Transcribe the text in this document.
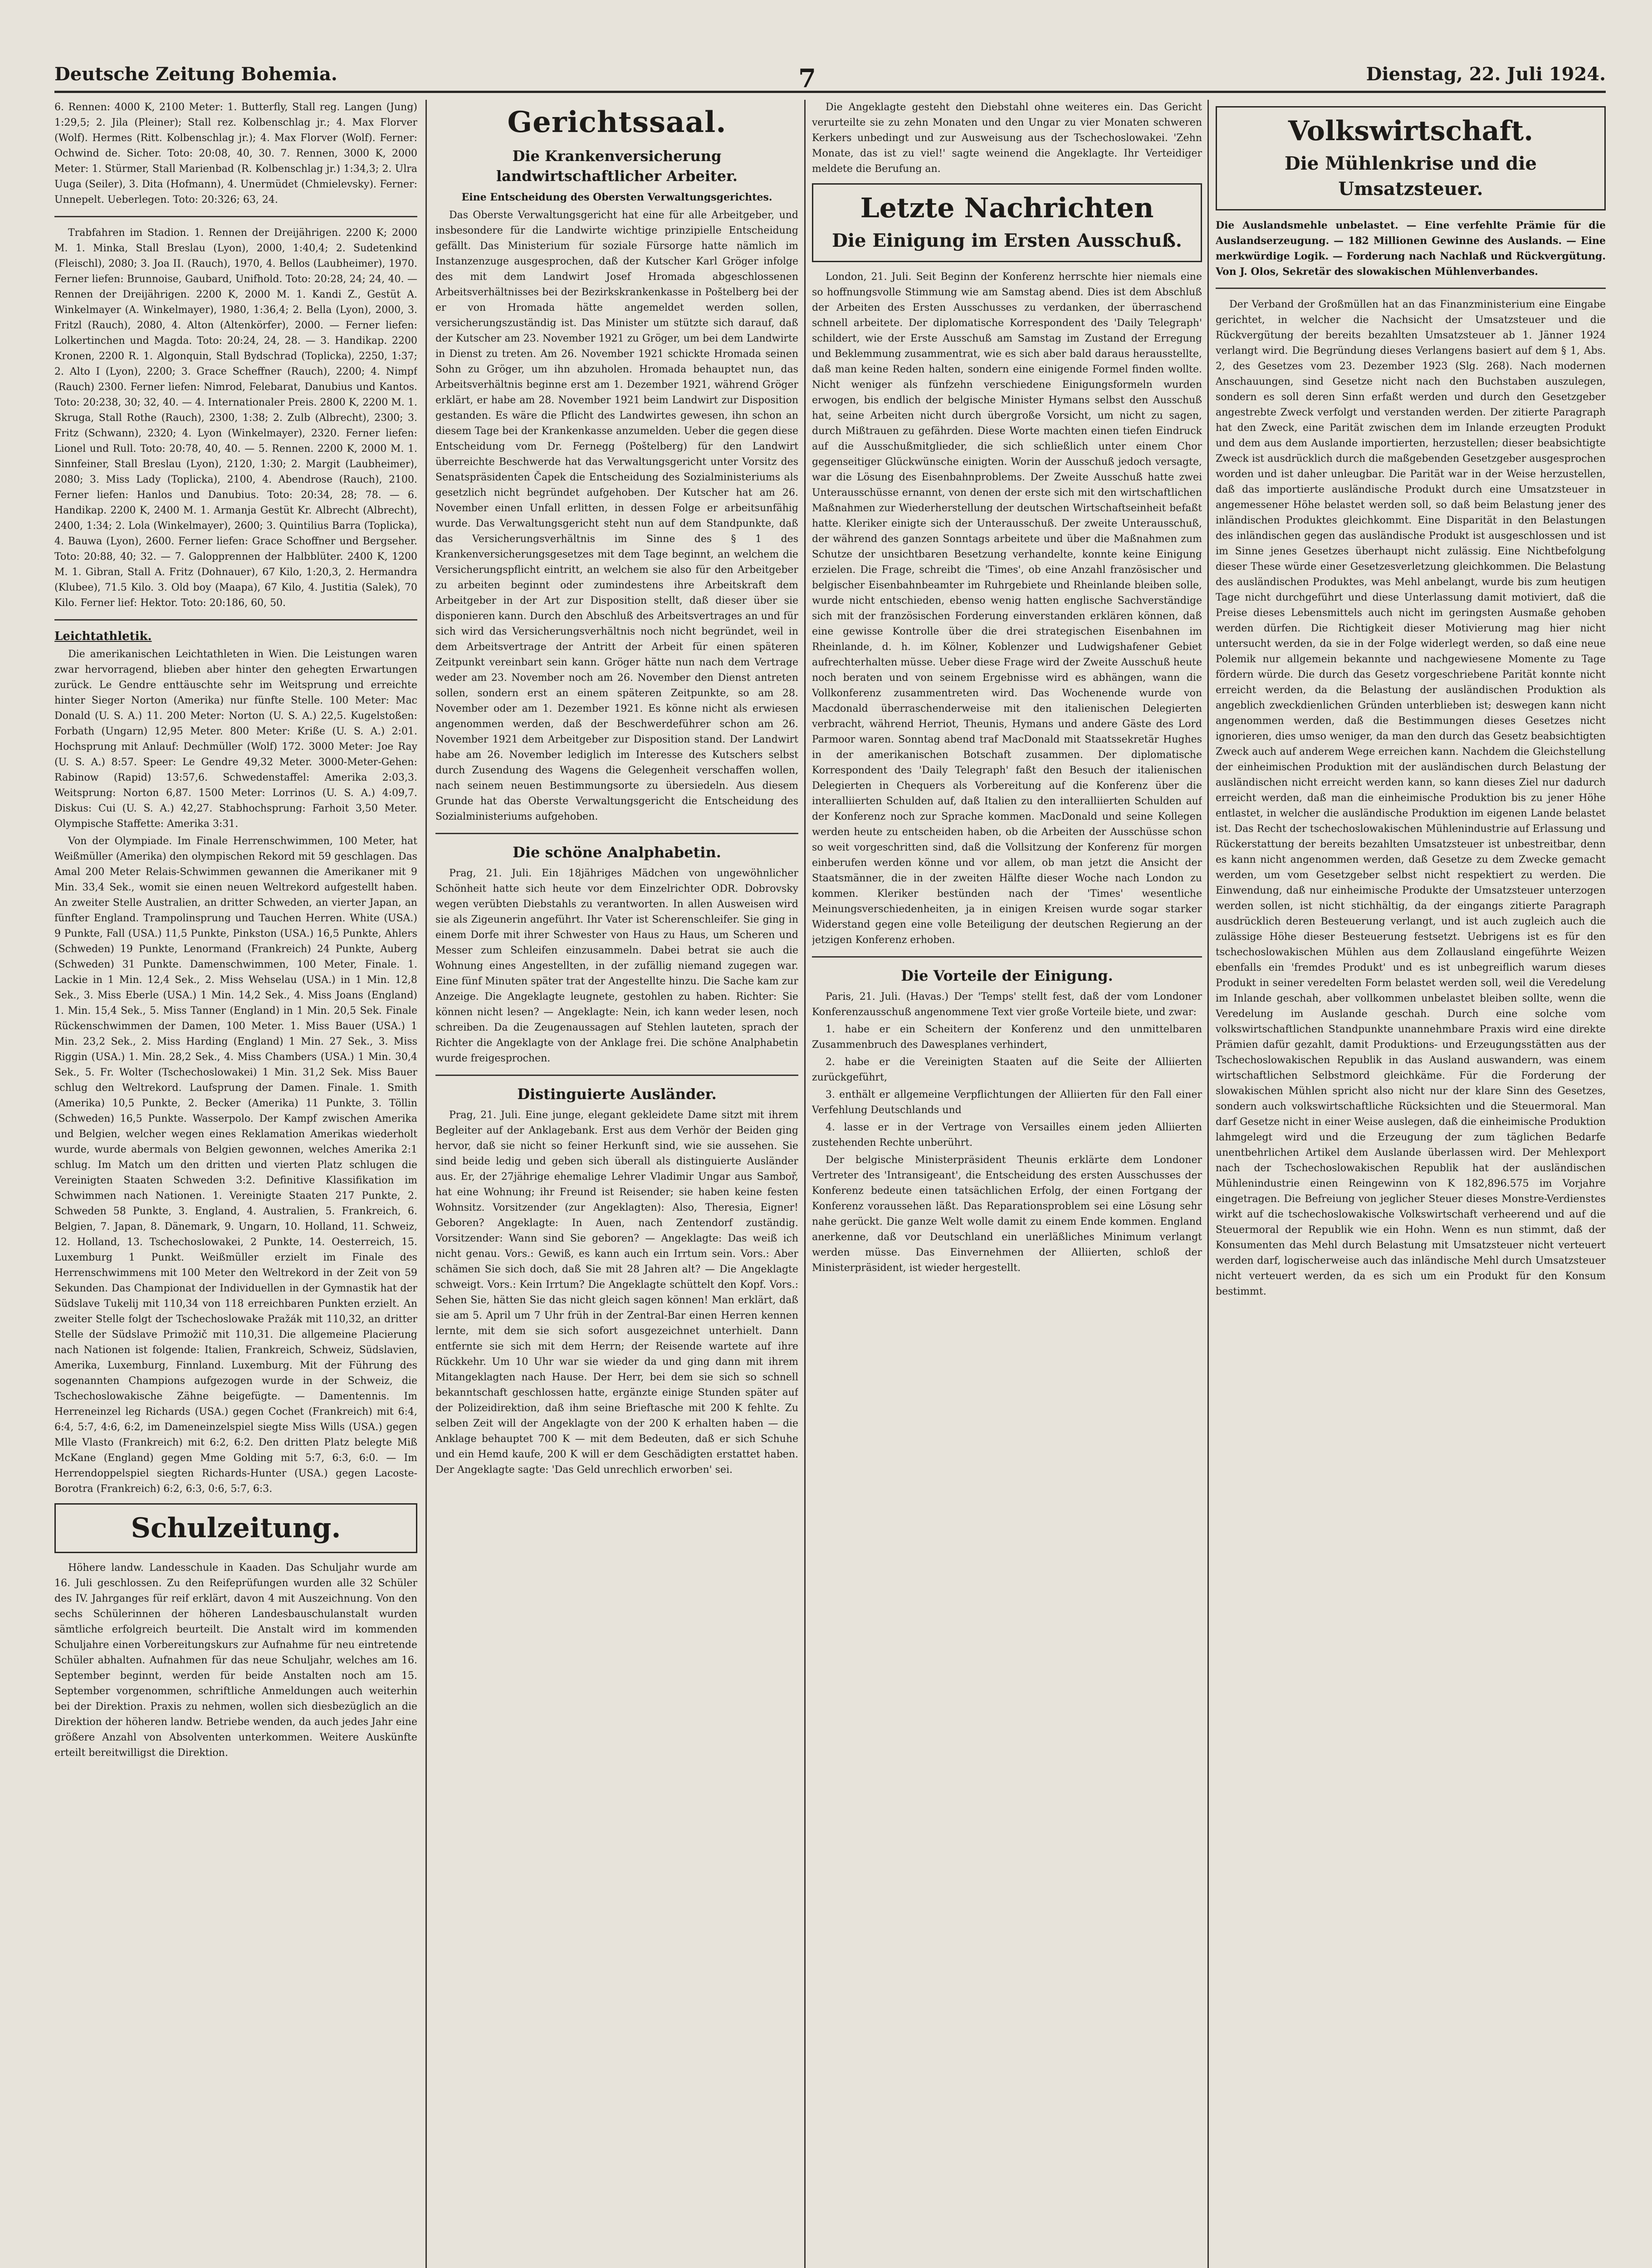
Deutsche Zeitung Bohemia.	7	Dienstag, 22. Juli 1924.

6. Rennen: 4000 K, 2100 Meter: 1. Butterfly, Stall reg. Langen (Jung) 1:29,5; 2. Jila (Pleiner); Stall rez. Kolbenschlag jr.; 4. Max Florver (Wolf). Hermes (Ritt. Kolbenschlag jr.); 4. Max Florver (Wolf). Ferner: Ochwind de. Sicher. Toto: 20:08, 40, 30. 7. Rennen, 3000 K, 2000 Meter: 1. Stürmer, Stall Marienbad (R. Kolbenschlag jr.) 1:34,3; 2. Ulra Uuga (Seiler), 3. Dita (Hofmann), 4. Unermüdet (Chmielevsky). Ferner: Unnepelt. Ueberlegen. Toto: 20:326; 63, 24.

Trabfahren im Stadion. 1. Rennen der Dreijährigen. 2200 K; 2000 M. 1. Minka, Stall Breslau (Lyon), 2000, 1:40,4; 2. Sudetenkind (Fleischl), 2080; 3. Joa II. (Rauch), 1970, 4. Bellos (Laubheimer), 1970. Ferner liefen: Brunnoise, Gaubard, Unifhold. Toto: 20:28, 24; 24, 40. — Rennen der Dreijährigen. 2200 K, 2000 M. 1. Kandi Z., Gestüt A. Winkelmayer (A. Winkelmayer), 1980, 1:36,4; 2. Bella (Lyon), 2000, 3. Fritzl (Rauch), 2080, 4. Alton (Altenkörfer), 2000. — Ferner liefen: Lolkertinchen und Magda. Toto: 20:24, 24, 28. — 3. Handikap. 2200 Kronen, 2200 R. 1. Algonquin, Stall Bydschrad (Toplicka), 2250, 1:37; 2. Alto I (Lyon), 2200; 3. Grace Scheffner (Rauch), 2200; 4. Nimpf (Rauch) 2300. Ferner liefen: Nimrod, Felebarat, Danubius und Kantos. Toto: 20:238, 30; 32, 40. — 4. Internationaler Preis. 2800 K, 2200 M. 1. Skruga, Stall Rothe (Rauch), 2300, 1:38; 2. Zulb (Albrecht), 2300; 3. Fritz (Schwann), 2320; 4. Lyon (Winkelmayer), 2320. Ferner liefen: Lionel und Rull. Toto: 20:78, 40, 40. — 5. Rennen. 2200 K, 2000 M. 1. Sinnfeiner, Stall Breslau (Lyon), 2120, 1:30; 2. Margit (Laubheimer), 2080; 3. Miss Lady (Toplicka), 2100, 4. Abendrose (Rauch), 2100. Ferner liefen: Hanlos und Danubius. Toto: 20:34, 28; 78. — 6. Handikap. 2200 K, 2400 M. 1. Armanja Gestüt Kr. Albrecht (Albrecht), 2400, 1:34; 2. Lola (Winkelmayer), 2600; 3. Quintilius Barra (Toplicka), 4. Bauwa (Lyon), 2600. Ferner liefen: Grace Schoffner und Bergseher. Toto: 20:88, 40; 32. — 7. Galopprennen der Halbblüter. 2400 K, 1200 M. 1. Gibran, Stall A. Fritz (Dohnauer), 67 Kilo, 1:20,3, 2. Hermandra (Klubee), 71.5 Kilo. 3. Old boy (Maapa), 67 Kilo, 4. Justitia (Salek), 70 Kilo. Ferner lief: Hektor. Toto: 20:186, 60, 50.

Leichtathletik.

Die amerikanischen Leichtathleten in Wien. Die Leistungen waren zwar hervorragend, blieben aber hinter den gehegten Erwartungen zurück. Le Gendre enttäuschte sehr im Weitsprung und erreichte hinter Sieger Norton (Amerika) nur fünfte Stelle. 100 Meter: Mac Donald (U. S. A.) 11. 200 Meter: Norton (U. S. A.) 22,5. Kugelstoßen: Forbath (Ungarn) 12,95 Meter. 800 Meter: Kriße (U. S. A.) 2:01. Hochsprung mit Anlauf: Dechmüller (Wolf) 172. 3000 Meter: Joe Ray (U. S. A.) 8:57. Speer: Le Gendre 49,32 Meter. 3000-Meter-Gehen: Rabinow (Rapid) 13:57,6. Schwedenstaffel: Amerika 2:03,3. Weitsprung: Norton 6,87. 1500 Meter: Lorrinos (U. S. A.) 4:09,7. Diskus: Cui (U. S. A.) 42,27. Stabhochsprung: Farhoit 3,50 Meter. Olympische Staffette: Amerika 3:31.

Von der Olympiade. Im Finale Herrenschwimmen, 100 Meter, hat Weißmüller (Amerika) den olympischen Rekord mit 59 geschlagen. Das Amal 200 Meter Relais-Schwimmen gewannen die Amerikaner mit 9 Min. 33,4 Sek., womit sie einen neuen Weltrekord aufgestellt haben. An zweiter Stelle Australien, an dritter Schweden, an vierter Japan, an fünfter England. Trampolinsprung und Tauchen Herren. White (USA.) 9 Punkte, Fall (USA.) 11,5 Punkte, Pinkston (USA.) 16,5 Punkte, Ahlers (Schweden) 19 Punkte, Lenormand (Frankreich) 24 Punkte, Auberg (Schweden) 31 Punkte. Damenschwimmen, 100 Meter, Finale. 1. Lackie in 1 Min. 12,4 Sek., 2. Miss Wehselau (USA.) in 1 Min. 12,8 Sek., 3. Miss Eberle (USA.) 1 Min. 14,2 Sek., 4. Miss Joans (England) 1. Min. 15,4 Sek., 5. Miss Tanner (England) in 1 Min. 20,5 Sek. Finale Rückenschwimmen der Damen, 100 Meter. 1. Miss Bauer (USA.) 1 Min. 23,2 Sek., 2. Miss Harding (England) 1 Min. 27 Sek., 3. Miss Riggin (USA.) 1. Min. 28,2 Sek., 4. Miss Chambers (USA.) 1 Min. 30,4 Sek., 5. Fr. Wolter (Tschechoslowakei) 1 Min. 31,2 Sek. Miss Bauer schlug den Weltrekord. Laufsprung der Damen. Finale. 1. Smith (Amerika) 10,5 Punkte, 2. Becker (Amerika) 11 Punkte, 3. Töllin (Schweden) 16,5 Punkte. Wasserpolo. Der Kampf zwischen Amerika und Belgien, welcher wegen eines Reklamation Amerikas wiederholt wurde, wurde abermals von Belgien gewonnen, welches Amerika 2:1 schlug. Im Match um den dritten und vierten Platz schlugen die Vereinigten Staaten Schweden 3:2. Definitive Klassifikation im Schwimmen nach Nationen. 1. Vereinigte Staaten 217 Punkte, 2. Schweden 58 Punkte, 3. England, 4. Australien, 5. Frankreich, 6. Belgien, 7. Japan, 8. Dänemark, 9. Ungarn, 10. Holland, 11. Schweiz, 12. Holland, 13. Tschechoslowakei, 2 Punkte, 14. Oesterreich, 15. Luxemburg 1 Punkt. Weißmüller erzielt im Finale des Herrenschwimmens mit 100 Meter den Weltrekord in der Zeit von 59 Sekunden. Das Championat der Individuellen in der Gymnastik hat der Südslave Tukelij mit 110,34 von 118 erreichbaren Punkten erzielt. An zweiter Stelle folgt der Tschechoslowake Pražák mit 110,32, an dritter Stelle der Südslave Primožič mit 110,31. Die allgemeine Placierung nach Nationen ist folgende: Italien, Frankreich, Schweiz, Südslavien, Amerika, Luxemburg, Finnland. Luxemburg. Mit der Führung des sogenannten Champions aufgezogen wurde in der Schweiz, die Tschechoslowakische Zähne beigefügte. — Damentennis. Im Herreneinzel leg Richards (USA.) gegen Cochet (Frankreich) mit 6:4, 6:4, 5:7, 4:6, 6:2, im Dameneinzelspiel siegte Miss Wills (USA.) gegen Mlle Vlasto (Frankreich) mit 6:2, 6:2. Den dritten Platz belegte Miß McKane (England) gegen Mme Golding mit 5:7, 6:3, 6:0. — Im Herrendoppelspiel siegten Richards-Hunter (USA.) gegen Lacoste-Borotra (Frankreich) 6:2, 6:3, 0:6, 5:7, 6:3.

Schulzeitung.

Höhere landw. Landesschule in Kaaden. Das Schuljahr wurde am 16. Juli geschlossen. Zu den Reifeprüfungen wurden alle 32 Schüler des IV. Jahrganges für reif erklärt, davon 4 mit Auszeichnung. Von den sechs Schülerinnen der höheren Landesbauschulanstalt wurden sämtliche erfolgreich beurteilt. Die Anstalt wird im kommenden Schuljahre einen Vorbereitungskurs zur Aufnahme für neu eintretende Schüler abhalten. Aufnahmen für das neue Schuljahr, welches am 16. September beginnt, werden für beide Anstalten noch am 15. September vorgenommen, schriftliche Anmeldungen auch weiterhin bei der Direktion. Praxis zu nehmen, wollen sich diesbezüglich an die Direktion der höheren landw. Betriebe wenden, da auch jedes Jahr eine größere Anzahl von Absolventen unterkommen. Weitere Auskünfte erteilt bereitwilligst die Direktion.

Gerichtssaal.
Die Krankenversicherung landwirtschaftlicher Arbeiter.
Eine Entscheidung des Obersten Verwaltungsgerichtes.

Das Oberste Verwaltungsgericht hat eine für alle Arbeitgeber, und insbesondere für die Landwirte wichtige prinzipielle Entscheidung gefällt. Das Ministerium für soziale Fürsorge hatte nämlich im Instanzenzuge ausgesprochen, daß der Kutscher Karl Gröger infolge des mit dem Landwirt Josef Hromada abgeschlossenen Arbeitsverhältnisses bei der Bezirkskrankenkasse in Poštelberg bei der er von Hromada hätte angemeldet werden sollen, versicherungszuständig ist. Das Minister um stützte sich darauf, daß der Kutscher am 23. November 1921 zu Gröger, um bei dem Landwirte in Dienst zu treten. Am 26. November 1921 schickte Hromada seinen Sohn zu Gröger, um ihn abzuholen. Hromada behauptet nun, das Arbeitsverhältnis beginne erst am 1. Dezember 1921, während Gröger erklärt, er habe am 28. November 1921 beim Landwirt zur Disposition gestanden. Es wäre die Pflicht des Landwirtes gewesen, ihn schon an diesem Tage bei der Krankenkasse anzumelden. Ueber die gegen diese Entscheidung vom Dr. Fernegg (Poštelberg) für den Landwirt überreichte Beschwerde hat das Verwaltungsgericht unter Vorsitz des Senatspräsidenten Čapek die Entscheidung des Sozialministeriums als gesetzlich nicht begründet aufgehoben. Der Kutscher hat am 26. November einen Unfall erlitten, in dessen Folge er arbeitsunfähig wurde. Das Verwaltungsgericht steht nun auf dem Standpunkte, daß das Versicherungsverhältnis im Sinne des § 1 des Krankenversicherungsgesetzes mit dem Tage beginnt, an welchem die Versicherungspflicht eintritt, an welchem sie also für den Arbeitgeber zu arbeiten beginnt oder zumindestens ihre Arbeitskraft dem Arbeitgeber in der Art zur Disposition stellt, daß dieser über sie disponieren kann. Durch den Abschluß des Arbeitsvertrages an und für sich wird das Versicherungsverhältnis noch nicht begründet, weil in dem Arbeitsvertrage der Antritt der Arbeit für einen späteren Zeitpunkt vereinbart sein kann. Gröger hätte nun nach dem Vertrage weder am 23. November noch am 26. November den Dienst antreten sollen, sondern erst an einem späteren Zeitpunkte, so am 28. November oder am 1. Dezember 1921. Es könne nicht als erwiesen angenommen werden, daß der Beschwerdeführer schon am 26. November 1921 dem Arbeitgeber zur Disposition stand. Der Landwirt habe am 26. November lediglich im Interesse des Kutschers selbst durch Zusendung des Wagens die Gelegenheit verschaffen wollen, nach seinem neuen Bestimmungsorte zu übersiedeln. Aus diesem Grunde hat das Oberste Verwaltungsgericht die Entscheidung des Sozialministeriums aufgehoben.

Die schöne Analphabetin.

Prag, 21. Juli. Ein 18jähriges Mädchen von ungewöhnlicher Schönheit hatte sich heute vor dem Einzelrichter ODR. Dobrovsky wegen verübten Diebstahls zu verantworten. In allen Ausweisen wird sie als Zigeunerin angeführt. Ihr Vater ist Scherenschleifer. Sie ging in einem Dorfe mit ihrer Schwester von Haus zu Haus, um Scheren und Messer zum Schleifen einzusammeln. Dabei betrat sie auch die Wohnung eines Angestellten, in der zufällig niemand zugegen war. Eine fünf Minuten später trat der Angestellte hinzu. Die Sache kam zur Anzeige. Die Angeklagte leugnete, gestohlen zu haben. Richter: Sie können nicht lesen? — Angeklagte: Nein, ich kann weder lesen, noch schreiben. Da die Zeugenaussagen auf Stehlen lauteten, sprach der Richter die Angeklagte von der Anklage frei. Die schöne Analphabetin wurde freigesprochen.

Distinguierte Ausländer.

Prag, 21. Juli. Eine junge, elegant gekleidete Dame sitzt mit ihrem Begleiter auf der Anklagebank. Erst aus dem Verhör der Beiden ging hervor, daß sie nicht so feiner Herkunft sind, wie sie aussehen. Sie sind beide ledig und geben sich überall als distinguierte Ausländer aus. Er, der 27jährige ehemalige Lehrer Vladimir Ungar aus Samboř, hat eine Wohnung; ihr Freund ist Reisender; sie haben keine festen Wohnsitz. Vorsitzender (zur Angeklagten): Also, Theresia, Eigner! Geboren? Angeklagte: In Auen, nach Zentendorf zuständig. Vorsitzender: Wann sind Sie geboren? — Angeklagte: Das weiß ich nicht genau. Vors.: Gewiß, es kann auch ein Irrtum sein. Vors.: Aber schämen Sie sich doch, daß Sie mit 28 Jahren alt? — Die Angeklagte schweigt. Vors.: Kein Irrtum? Die Angeklagte schüttelt den Kopf. Vors.: Sehen Sie, hätten Sie das nicht gleich sagen können! Man erklärt, daß sie am 5. April um 7 Uhr früh in der Zentral-Bar einen Herren kennen lernte, mit dem sie sich sofort ausgezeichnet unterhielt. Dann entfernte sie sich mit dem Herrn; der Reisende wartete auf ihre Rückkehr. Um 10 Uhr war sie wieder da und ging dann mit ihrem Mitangeklagten nach Hause. Der Herr, bei dem sie sich so schnell bekanntschaft geschlossen hatte, ergänzte einige Stunden später auf der Polizeidirektion, daß ihm seine Brieftasche mit 200 K fehlte. Zu selben Zeit will der Angeklagte von der 200 K erhalten haben — die Anklage behauptet 700 K — mit dem Bedeuten, daß er sich Schuhe und ein Hemd kaufe, 200 K will er dem Geschädigten erstattet haben. Der Angeklagte sagte: 'Das Geld unrechlich erworben' sei.

Die Angeklagte gesteht den Diebstahl ohne weiteres ein. Das Gericht verurteilte sie zu zehn Monaten und den Ungar zu vier Monaten schweren Kerkers unbedingt und zur Ausweisung aus der Tschechoslowakei. 'Zehn Monate, das ist zu viel!' sagte weinend die Angeklagte. Ihr Verteidiger meldete die Berufung an.

Letzte Nachrichten
Die Einigung im Ersten Ausschuß.

London, 21. Juli. Seit Beginn der Konferenz herrschte hier niemals eine so hoffnungsvolle Stimmung wie am Samstag abend. Dies ist dem Abschluß der Arbeiten des Ersten Ausschusses zu verdanken, der überraschend schnell arbeitete. Der diplomatische Korrespondent des 'Daily Telegraph' schildert, wie der Erste Ausschuß am Samstag im Zustand der Erregung und Beklemmung zusammentrat, wie es sich aber bald daraus herausstellte, daß man keine Reden halten, sondern eine einigende Formel finden wollte. Nicht weniger als fünfzehn verschiedene Einigungsformeln wurden erwogen, bis endlich der belgische Minister Hymans selbst den Ausschuß hat, seine Arbeiten nicht durch übergroße Vorsicht, um nicht zu sagen, durch Mißtrauen zu gefährden. Diese Worte machten einen tiefen Eindruck auf die Ausschußmitglieder, die sich schließlich unter einem Chor gegenseitiger Glückwünsche einigten. Worin der Ausschuß jedoch versagte, war die Lösung des Eisenbahnproblems. Der Zweite Ausschuß hatte zwei Unterausschüsse ernannt, von denen der erste sich mit den wirtschaftlichen Maßnahmen zur Wiederherstellung der deutschen Wirtschaftseinheit befaßt hatte. Kleriker einigte sich der Unterausschuß. Der zweite Unterausschuß, der während des ganzen Sonntags arbeitete und über die Maßnahmen zum Schutze der unsichtbaren Besetzung verhandelte, konnte keine Einigung erzielen. Die Frage, schreibt die 'Times', ob eine Anzahl französischer und belgischer Eisenbahnbeamter im Ruhrgebiete und Rheinlande bleiben solle, wurde nicht entschieden, ebenso wenig hatten englische Sachverständige sich mit der französischen Forderung einverstanden erklären können, daß eine gewisse Kontrolle über die drei strategischen Eisenbahnen im Rheinlande, d. h. im Kölner, Koblenzer und Ludwigshafener Gebiet aufrechterhalten müsse. Ueber diese Frage wird der Zweite Ausschuß heute noch beraten und von seinem Ergebnisse wird es abhängen, wann die Vollkonferenz zusammentreten wird. Das Wochenende wurde von Macdonald überraschenderweise mit den italienischen Delegierten verbracht, während Herriot, Theunis, Hymans und andere Gäste des Lord Parmoor waren. Sonntag abend traf MacDonald mit Staatssekretär Hughes in der amerikanischen Botschaft zusammen. Der diplomatische Korrespondent des 'Daily Telegraph' faßt den Besuch der italienischen Delegierten in Chequers als Vorbereitung auf die Konferenz über die interalliierten Schulden auf, daß Italien zu den interalliierten Schulden auf der Konferenz noch zur Sprache kommen. MacDonald und seine Kollegen werden heute zu entscheiden haben, ob die Arbeiten der Ausschüsse schon so weit vorgeschritten sind, daß die Vollsitzung der Konferenz für morgen einberufen werden könne und vor allem, ob man jetzt die Ansicht der Staatsmänner, die in der zweiten Hälfte dieser Woche nach London zu kommen. Kleriker bestünden nach der 'Times' wesentliche Meinungsverschiedenheiten, ja in einigen Kreisen wurde sogar starker Widerstand gegen eine volle Beteiligung der deutschen Regierung an der jetzigen Konferenz erhoben.

Die Vorteile der Einigung.

Paris, 21. Juli. (Havas.) Der 'Temps' stellt fest, daß der vom Londoner Konferenzausschuß angenommene Text vier große Vorteile biete, und zwar:

1. habe er ein Scheitern der Konferenz und den unmittelbaren Zusammenbruch des Dawesplanes verhindert,

2. habe er die Vereinigten Staaten auf die Seite der Alliierten zurückgeführt,

3. enthält er allgemeine Verpflichtungen der Alliierten für den Fall einer Verfehlung Deutschlands und

4. lasse er in der Vertrage von Versailles einem jeden Alliierten zustehenden Rechte unberührt.

Der belgische Ministerpräsident Theunis erklärte dem Londoner Vertreter des 'Intransigeant', die Entscheidung des ersten Ausschusses der Konferenz bedeute einen tatsächlichen Erfolg, der einen Fortgang der Konferenz voraussehen läßt. Das Reparationsproblem sei eine Lösung sehr nahe gerückt. Die ganze Welt wolle damit zu einem Ende kommen. England anerkenne, daß vor Deutschland ein unerläßliches Minimum verlangt werden müsse. Das Einvernehmen der Alliierten, schloß der Ministerpräsident, ist wieder hergestellt.

Volkswirtschaft.
Die Mühlenkrise und die Umsatzsteuer.

Die Auslandsmehle unbelastet. — Eine verfehlte Prämie für die Auslandserzeugung. — 182 Millionen Gewinne des Auslands. — Eine merkwürdige Logik. — Forderung nach Nachlaß und Rückvergütung. Von J. Olos, Sekretär des slowakischen Mühlenverbandes.

Der Verband der Großmüllen hat an das Finanzministerium eine Eingabe gerichtet, in welcher die Nachsicht der Umsatzsteuer und die Rückvergütung der bereits bezahlten Umsatzsteuer ab 1. Jänner 1924 verlangt wird. Die Begründung dieses Verlangens basiert auf dem § 1, Abs. 2, des Gesetzes vom 23. Dezember 1923 (Slg. 268). Nach modernen Anschauungen, sind Gesetze nicht nach den Buchstaben auszulegen, sondern es soll deren Sinn erfaßt werden und durch den Gesetzgeber angestrebte Zweck verfolgt und verstanden werden. Der zitierte Paragraph hat den Zweck, eine Parität zwischen dem im Inlande erzeugten Produkt und dem aus dem Auslande importierten, herzustellen; dieser beabsichtigte Zweck ist ausdrücklich durch die maßgebenden Gesetzgeber ausgesprochen worden und ist daher unleugbar. Die Parität war in der Weise herzustellen, daß das importierte ausländische Produkt durch eine Umsatzsteuer in angemessener Höhe belastet werden soll, so daß beim Belastung jener des inländischen Produktes gleichkommt. Eine Disparität in den Belastungen des inländischen gegen das ausländische Produkt ist ausgeschlossen und ist im Sinne jenes Gesetzes überhaupt nicht zulässig. Eine Nichtbefolgung dieser These würde einer Gesetzesverletzung gleichkommen. Die Belastung des ausländischen Produktes, was Mehl anbelangt, wurde bis zum heutigen Tage nicht durchgeführt und diese Unterlassung damit motiviert, daß die Preise dieses Lebensmittels auch nicht im geringsten Ausmaße gehoben werden dürfen. Die Richtigkeit dieser Motivierung mag hier nicht untersucht werden, da sie in der Folge widerlegt werden, so daß eine neue Polemik nur allgemein bekannte und nachgewiesene Momente zu Tage fördern würde. Die durch das Gesetz vorgeschriebene Parität konnte nicht erreicht werden, da die Belastung der ausländischen Produktion als angeblich zweckdienlichen Gründen unterblieben ist; deswegen kann nicht angenommen werden, daß die Bestimmungen dieses Gesetzes nicht ignorieren, dies umso weniger, da man den durch das Gesetz beabsichtigten Zweck auch auf anderem Wege erreichen kann. Nachdem die Gleichstellung der einheimischen Produktion mit der ausländischen durch Belastung der ausländischen nicht erreicht werden kann, so kann dieses Ziel nur dadurch erreicht werden, daß man die einheimische Produktion bis zu jener Höhe entlastet, in welcher die ausländische Produktion im eigenen Lande belastet ist. Das Recht der tschechoslowakischen Mühlenindustrie auf Erlassung und Rückerstattung der bereits bezahlten Umsatzsteuer ist unbestreitbar, denn es kann nicht angenommen werden, daß Gesetze zu dem Zwecke gemacht werden, um vom Gesetzgeber selbst nicht respektiert zu werden. Die Einwendung, daß nur einheimische Produkte der Umsatzsteuer unterzogen werden sollen, ist nicht stichhältig, da der eingangs zitierte Paragraph ausdrücklich deren Besteuerung verlangt, und ist auch zugleich auch die zulässige Höhe dieser Besteuerung festsetzt. Uebrigens ist es für den tschechoslowakischen Mühlen aus dem Zollausland eingeführte Weizen ebenfalls ein 'fremdes Produkt' und es ist unbegreiflich warum dieses Produkt in seiner veredelten Form belastet werden soll, weil die Veredelung im Inlande geschah, aber vollkommen unbelastet bleiben sollte, wenn die Veredelung im Auslande geschah. Durch eine solche vom volkswirtschaftlichen Standpunkte unannehmbare Praxis wird eine direkte Prämien dafür gezahlt, damit Produktions- und Erzeugungsstätten aus der Tschechoslowakischen Republik in das Ausland auswandern, was einem wirtschaftlichen Selbstmord gleichkäme. Für die Forderung der slowakischen Mühlen spricht also nicht nur der klare Sinn des Gesetzes, sondern auch volkswirtschaftliche Rücksichten und die Steuermoral. Man darf Gesetze nicht in einer Weise auslegen, daß die einheimische Produktion lahmgelegt wird und die Erzeugung der zum täglichen Bedarfe unentbehrlichen Artikel dem Auslande überlassen wird. Der Mehlexport nach der Tschechoslowakischen Republik hat der ausländischen Mühlenindustrie einen Reingewinn von K 182,896.575 im Vorjahre eingetragen. Die Befreiung von jeglicher Steuer dieses Monstre-Verdienstes wirkt auf die tschechoslowakische Volkswirtschaft verheerend und auf die Steuermoral der Republik wie ein Hohn. Wenn es nun stimmt, daß der Konsumenten das Mehl durch Belastung mit Umsatzsteuer nicht verteuert werden darf, logischerweise auch das inländische Mehl durch Umsatzsteuer nicht verteuert werden, da es sich um ein Produkt für den Konsum bestimmt.
